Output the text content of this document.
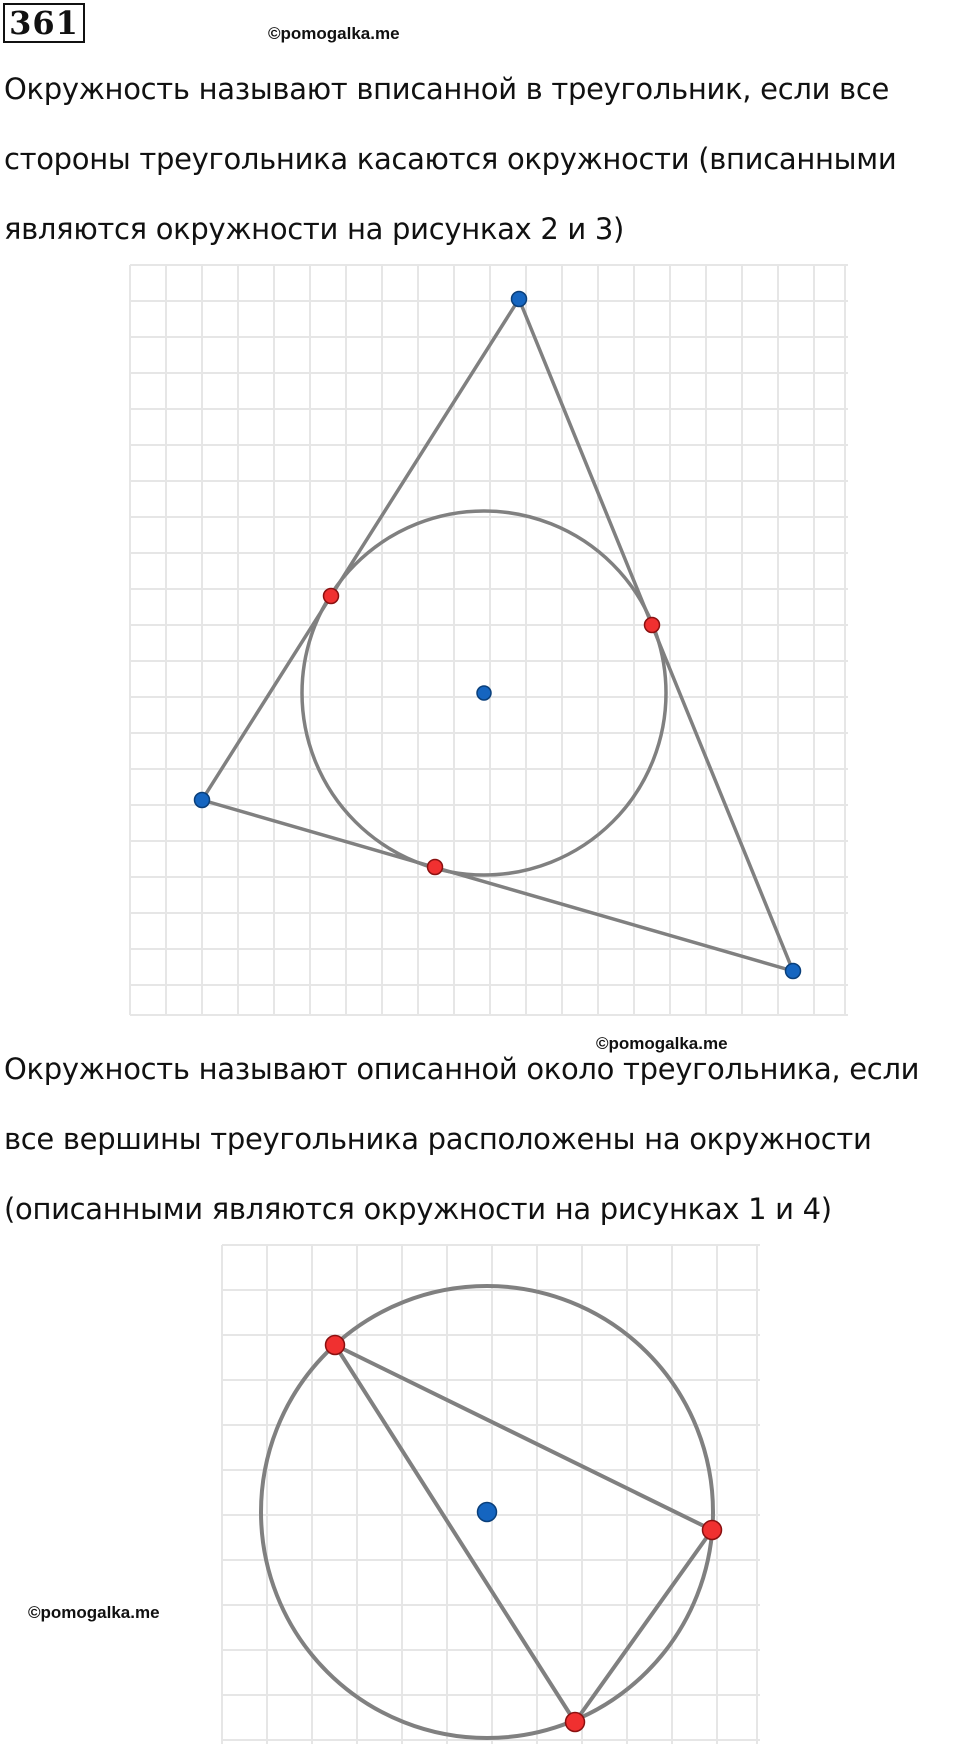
361	©pomogalka.me
Окружность называют вписанной в треугольник, если все
стороны треугольника касаются окружности (вписанными
являются окружности на рисунках 2 и 3)
©pomogalka.me
Окружность называют описанной около треугольника, если
все вершины треугольника расположены на окружности
(описанными являются окружности на рисунках 1 и 4)
©pomogalka.me
